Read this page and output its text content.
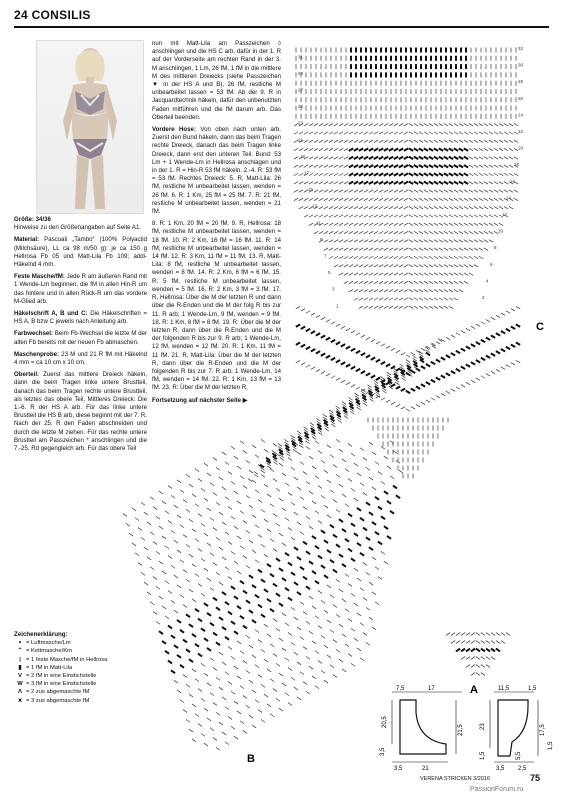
24 CONSILIS

Größe: 34/36
Hinweise zu den Größenangaben auf Seite A1.

Material: Pascuali „Tambo“ (100% Polyactid (Milchsäure), LL ca 98 m/50 g): je ca 150 g Hellrosa Fb 05 und Matt-Lila Fb 109; addi-Häkelnd 4 mm.

Feste Masche/fM: Jede R am äußeren Rand mit 1 Wende-Lm beginnen; die fM in allen Hin-R um das hintere und in allen Rück-R um das vordere M-Glied arb.

Häkelschrift A, B und C: Die Häkelschriften = HS A, B bzw C jeweils nach Anleitung arb.

Farbwechsel: Beim Fb-Wechsel die letzte M der alten Fb bereits mit der neuen Fb abmaschen.

Maschenprobe: 23 M und 21 R fM mit Häkelnd 4 mm = ca 10 cm x 10 cm.

Oberteil: Zuerst das mittlere Dreieck häkeln, dann die beim Tragen linke untere Brustteil, danach das beim Tragen rechte untere Brustteil, als letztes das obere Teil. Mittleres Dreieck: Die 1.-6. R der HS A arb. Für das linke untere Brustteil die HS B arb, diese beginnt mit der 7. R. Nach der 25. R den Faden abschneiden und durch die letzte M ziehen. Für das rechte untere Brustteil am Passzeichen * anschlingen und die 7.-25. Rd gegengleich arb. Für das obere Teil

nun mit Matt-Lila am Passzeichen ◊ anschlingen und die HS C arb, dafür in der 1. R auf der Vorderseite am rechten Rand in der 3. M anschlingen, 1 Lm, 26 fM, 1 fM in die mittlere M des mittleren Dreiecks (siehe Passzeichen ▼ in der HS A und B), 26 fM, restliche M unbearbeitet lassen = 53 fM. Ab der 9. R in Jacquardtechnik häkeln, dafür den unbenutzten Faden mitführen und die fM darum arb. Das Oberteil beenden.

Vordere Hose: Von oben nach unten arb. Zuerst den Bund häkeln, dann das beim Tragen rechte Dreieck, danach das beim Tragen linke Dreieck, dann erst den unteren Teil. Bund: 53 Lm + 1 Wende-Lm in Hellrosa anschlagen und in der 1. R = Hin-R 53 fM häkeln. 2.-4. R: 53 fM = 53 fM. Rechtes Dreieck: 5. R, Matt-Lila: 26 fM, restliche M unbearbeitet lassen, wenden = 26 fM. 6. R: 1 Km, 25 fM = 25 fM. 7. R: 21 fM, restliche M unbearbeitet lassen, wenden = 21 fM.

8. R: 1 Km, 20 fM = 20 fM. 9. R, Hellrosa: 18 fM, restliche M unbearbeitet lassen, wenden = 18 fM. 10. R: 2 Km, 16 fM = 16 fM. 11. R: 14 fM, restliche M unbearbeitet lassen, wenden = 14 fM. 12. R: 3 Km, 11 fM = 11 fM. 13. R, Matt-Lila: 8 fM, restliche M unbearbeitet lassen, wenden = 8 fM. 14. R: 2 Km, 6 fM = 6 fM. 15. R: 5 fM, restliche M unbearbeitet lassen, wenden = 5 fM. 16. R: 2 Km, 3 fM = 3 fM. 17. R, Hellrosa: Über die M der letzten R und dann über die R-Enden und die M der folg R bis zur 11. R arb; 1 Wende-Lm, 9 fM, wenden = 9 fM. 18. R: 1 Km, 8 fM = 8 fM. 19. R: Über die M der letzten R, dann über die R-Enden und die M der folgenden R bis zur 9. R arb; 1 Wende-Lm, 12 fM, wenden = 12 fM. 20. R: 1 Km, 11 fM = 11 fM. 21. R, Matt-Lila: Über die M der letzten R, dann über die R-Enden und die M der folgenden R bis zur 7. R arb; 1 Wende-Lm, 14 fM, wenden = 14 fM. 22. R: 1 Km, 13 fM = 13 fM. 23. R: Über die M der letzten R,

Fortsetzung auf nächster Seite ▶

Zeichenerklärung:
∘ = Luftmasche/Lm
⌃ = Kettmasche/Km
| = 1 feste Masche/fM in Hellrosa
▮ = 1 fM in Matt-Lila
V = 2 fM in eine Einstichstelle
W = 3 fM in eine Einstichstelle
Λ = 2 zus abgemaschte fM
⩙ = 3 zus abgemaschte fM
32
31
30
29
28
27
26
25
24
23
22
21
20
19
18
17
16
15
14
13
12
11
10
9
8
7
6
5
4
3
2
1
C
B
A
7,5	17
20,5
21,5
3,5
3,5	21
11,5	1,5
23	17,5
1,5	5,5
1,5
3,5 2,5
VERENA STRICKEN 3/2016	75
PassionForum.ru
